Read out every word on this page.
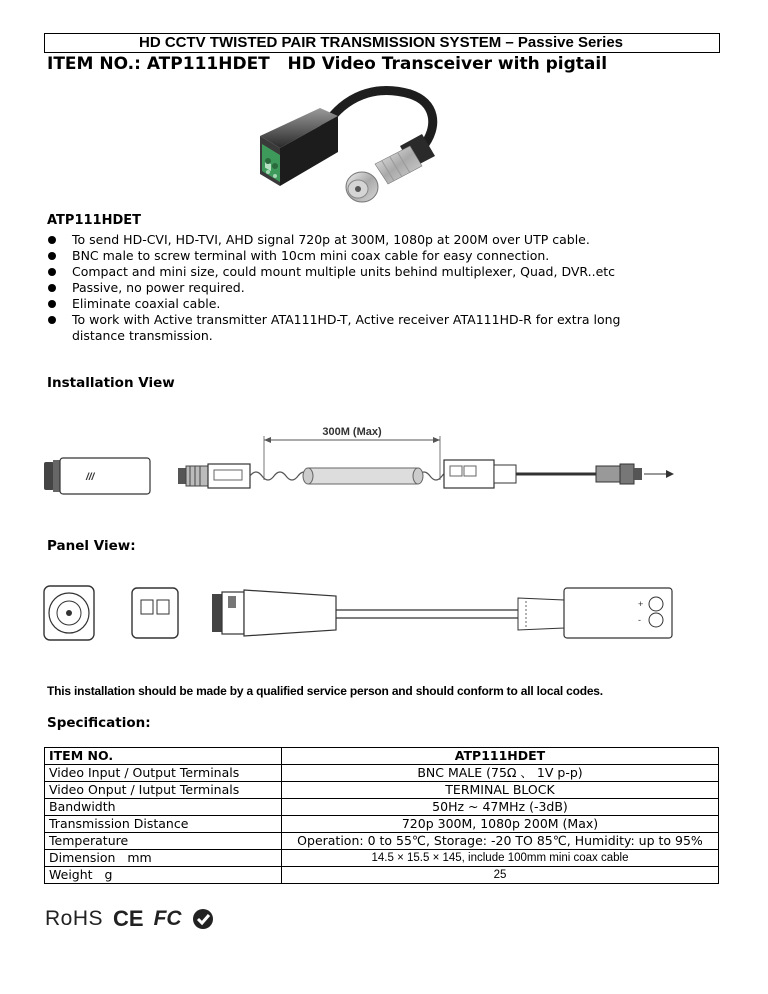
HD CCTV TWISTED PAIR TRANSMISSION SYSTEM – Passive Series
ITEM NO.: ATP111HDET   HD Video Transceiver with pigtail
ATP111HDET
To send HD-CVI, HD-TVI, AHD signal 720p at 300M, 1080p at 200M over UTP cable.
BNC male to screw terminal with 10cm mini coax cable for easy connection.
Compact and mini size, could mount multiple units behind multiplexer, Quad, DVR..etc
Passive, no power required.
Eliminate coaxial cable.
To work with Active transmitter ATA111HD-T, Active receiver ATA111HD-R for extra long distance transmission.
Installation View
300M (Max)
///
Panel View:
+
-
This installation should be made by a qualified service person and should conform to all local codes.
Specification:
ITEM NO.	ATP111HDET
Video Input / Output Terminals	BNC MALE (75Ω 、 1V p-p)
Video Onput / Iutput Terminals	TERMINAL BLOCK
Bandwidth	50Hz ~ 47MHz (-3dB)
Transmission Distance	720p 300M, 1080p 200M (Max)
Temperature	Operation: 0 to 55℃, Storage: -20 TO 85℃, Humidity: up to 95%
Dimension   mm	14.5 × 15.5 × 145, include 100mm mini coax cable
Weight   g	25
RoHS CE FC
